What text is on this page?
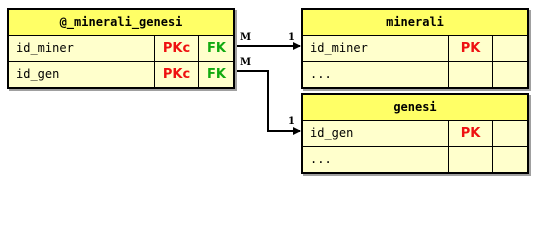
M	1
M
1
@_minerali_genesi
id_miner	PKc	FK
id_gen	PKc	FK
minerali
id_miner	PK
...
genesi
id_gen	PK
...
